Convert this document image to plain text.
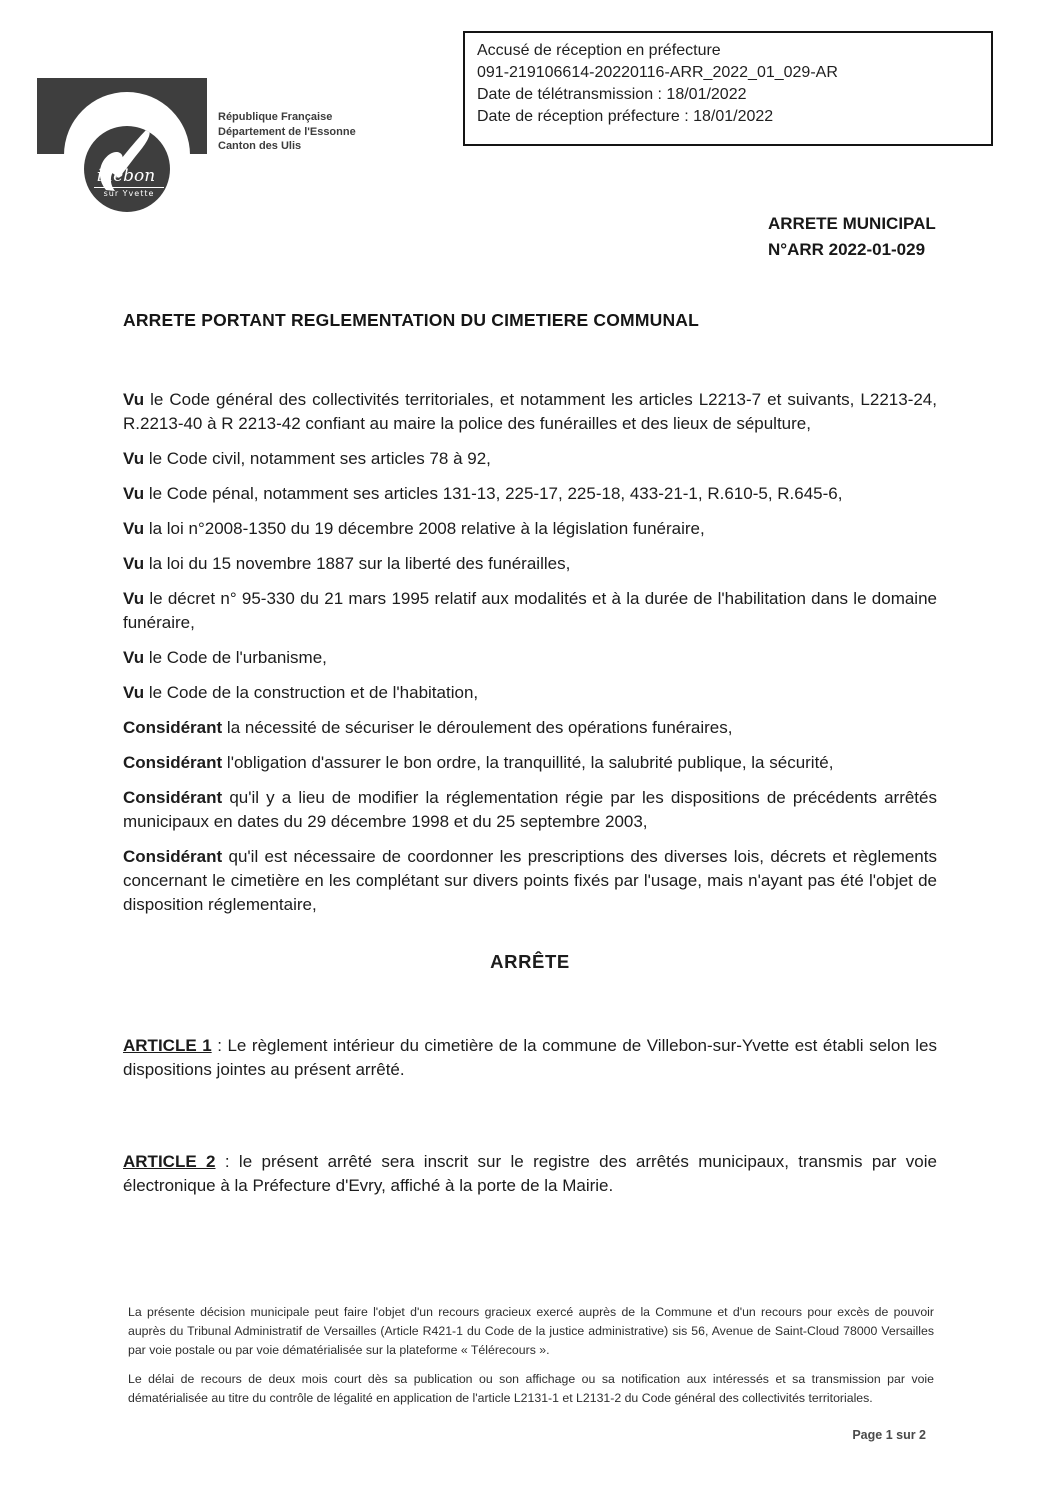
Accusé de réception en préfecture
091-219106614-20220116-ARR_2022_01_029-AR
Date de télétransmission : 18/01/2022
Date de réception préfecture : 18/01/2022
illebon
sur Yvette
République Française
Département de l'Essonne
Canton des Ulis
ARRETE MUNICIPAL
N°ARR 2022-01-029
ARRETE PORTANT REGLEMENTATION DU CIMETIERE COMMUNAL

Vu le Code général des collectivités territoriales, et notamment les articles L2213-7 et suivants, L2213-24, R.2213-40 à R 2213-42 confiant au maire la police des funérailles et des lieux de sépulture,

Vu le Code civil, notamment ses articles 78 à 92,

Vu le Code pénal, notamment ses articles 131-13, 225-17, 225-18, 433-21-1, R.610-5, R.645-6,

Vu la loi n°2008-1350 du 19 décembre 2008 relative à la législation funéraire,

Vu la loi du 15 novembre 1887 sur la liberté des funérailles,

Vu le décret n° 95-330 du 21 mars 1995 relatif aux modalités et à la durée de l'habilitation dans le domaine funéraire,

Vu le Code de l'urbanisme,

Vu le Code de la construction et de l'habitation,

Considérant la nécessité de sécuriser le déroulement des opérations funéraires,

Considérant l'obligation d'assurer le bon ordre, la tranquillité, la salubrité publique, la sécurité,

Considérant qu'il y a lieu de modifier la réglementation régie par les dispositions de précédents arrêtés municipaux en dates du 29 décembre 1998 et du 25 septembre 2003,

Considérant qu'il est nécessaire de coordonner les prescriptions des diverses lois, décrets et règlements concernant le cimetière en les complétant sur divers points fixés par l'usage, mais n'ayant pas été l'objet de disposition réglementaire,

ARRÊTE

ARTICLE 1 : Le règlement intérieur du cimetière de la commune de Villebon-sur-Yvette est établi selon les dispositions jointes au présent arrêté.

ARTICLE 2 : le présent arrêté sera inscrit sur le registre des arrêtés municipaux, transmis par voie électronique à la Préfecture d'Evry, affiché à la porte de la Mairie.

La présente décision municipale peut faire l'objet d'un recours gracieux exercé auprès de la Commune et d'un recours pour excès de pouvoir auprès du Tribunal Administratif de Versailles (Article R421-1 du Code de la justice administrative) sis 56, Avenue de Saint-Cloud 78000 Versailles par voie postale ou par voie dématérialisée sur la plateforme « Télérecours ».

Le délai de recours de deux mois court dès sa publication ou son affichage ou sa notification aux intéressés et sa transmission par voie dématérialisée au titre du contrôle de légalité en application de l'article L2131-1 et L2131-2 du Code général des collectivités territoriales.

Page 1 sur 2
